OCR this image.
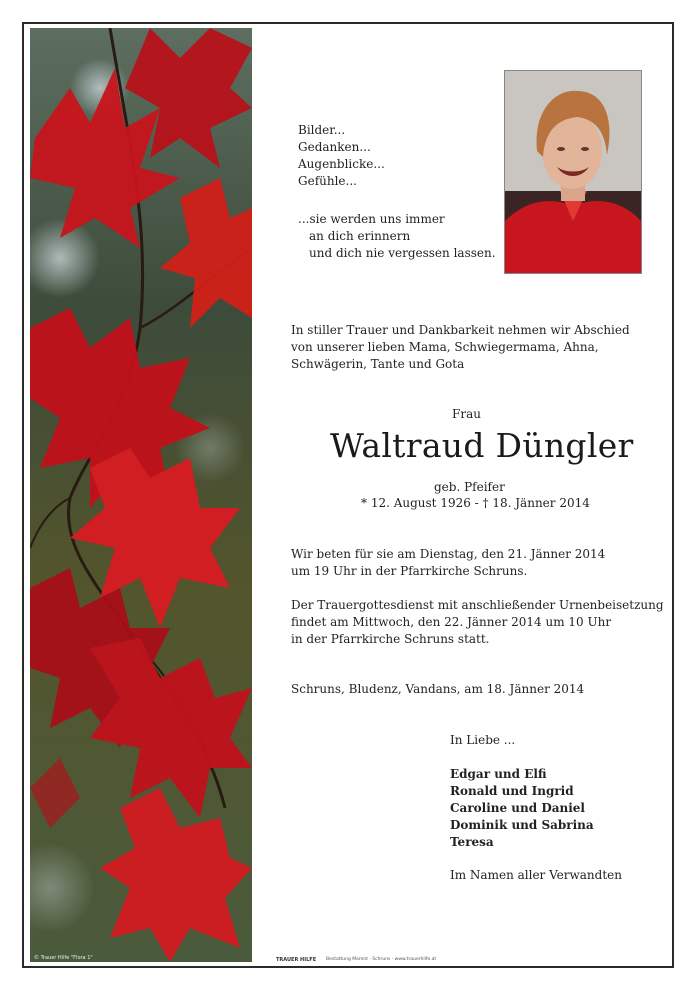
© Trauer Hilfe "Flora 1"
Bilder...
Gedanken...
Augenblicke...
Gefühle...
...sie werden uns immer
an dich erinnern
und dich nie vergessen lassen.
In stiller Trauer und Dankbarkeit nehmen wir Abschied
von unserer lieben Mama, Schwiegermama, Ahna,
Schwägerin, Tante und Gota
Frau
Waltraud Düngler
geb. Pfeifer
* 12. August 1926 - † 18. Jänner 2014
Wir beten für sie am Dienstag, den 21. Jänner 2014
um 19 Uhr in der Pfarrkirche Schruns.
Der Trauergottesdienst mit anschließender Urnenbeisetzung
findet am Mittwoch, den 22. Jänner 2014 um 10 Uhr
in der Pfarrkirche Schruns statt.
Schruns, Bludenz, Vandans, am 18. Jänner 2014
In Liebe ...
Edgar und Elfi
Ronald und Ingrid
Caroline und Daniel
Dominik und Sabrina
Teresa
Im Namen aller Verwandten
TRAUER HILFE Bestattung Marent · Schruns · www.trauerhilfe.at
